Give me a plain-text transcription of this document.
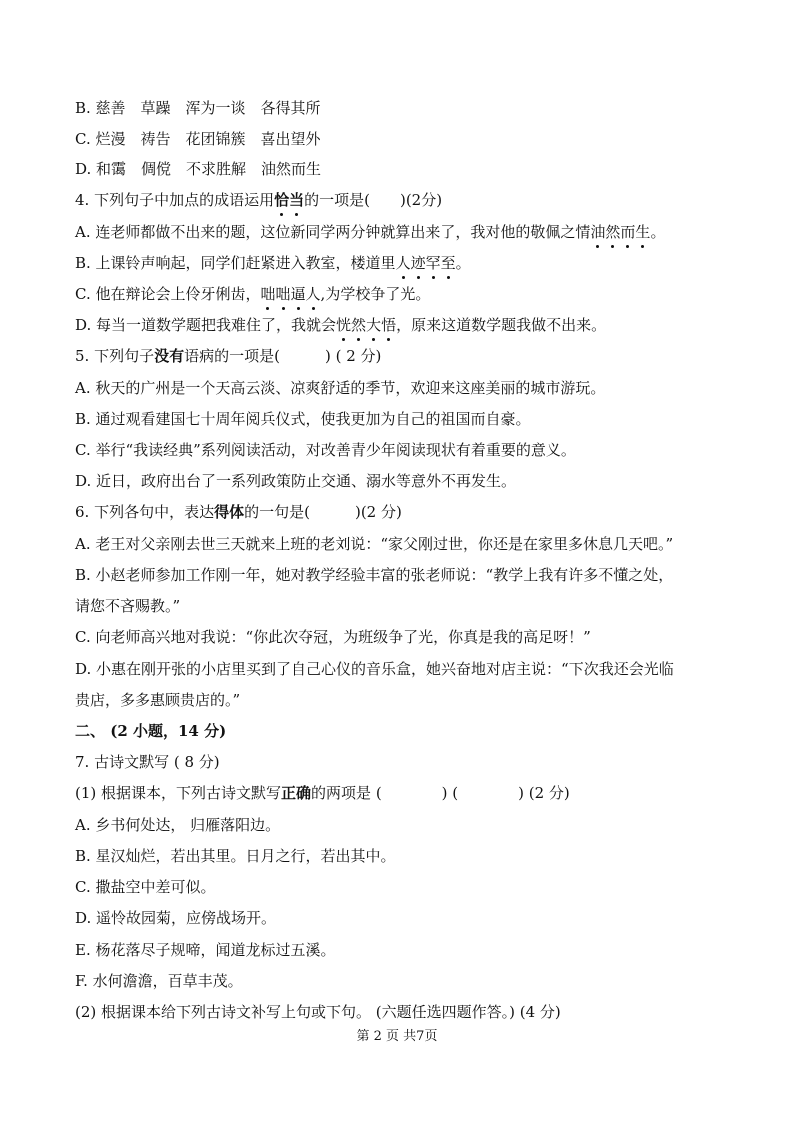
B. 慈善　草躁　浑为一谈　各得其所
C. 烂漫　祷告　花团锦簇　喜出望外
D. 和霭　倜傥　不求胜解　油然而生
4. 下列句子中加点的成语运用恰当的一项是(　　)(2分)
A. 连老师都做不出来的题，这位新同学两分钟就算出来了，我对他的敬佩之情油然而生。
B. 上课铃声响起，同学们赶紧进入教室，楼道里人迹罕至。
C. 他在辩论会上伶牙俐齿，咄咄逼人,为学校争了光。
D. 每当一道数学题把我难住了，我就会恍然大悟，原来这道数学题我做不出来。
5. 下列句子没有语病的一项是(　　　) ( 2 分)
A. 秋天的广州是一个天高云淡、凉爽舒适的季节，欢迎来这座美丽的城市游玩。
B. 通过观看建国七十周年阅兵仪式，使我更加为自己的祖国而自豪。
C. 举行“我读经典”系列阅读活动，对改善青少年阅读现状有着重要的意义。
D. 近日，政府出台了一系列政策防止交通、溺水等意外不再发生。
6. 下列各句中，表达得体的一句是(　　　)(2 分)
A. 老王对父亲刚去世三天就来上班的老刘说：“家父刚过世，你还是在家里多休息几天吧。”
B. 小赵老师参加工作刚一年，她对教学经验丰富的张老师说：“教学上我有许多不懂之处，
请您不吝赐教。”
C. 向老师高兴地对我说：“你此次夺冠，为班级争了光，你真是我的高足呀！”
D. 小惠在刚开张的小店里买到了自己心仪的音乐盒，她兴奋地对店主说：“下次我还会光临
贵店，多多惠顾贵店的。”
二、 (2 小题，14 分)
7. 古诗文默写 ( 8 分)
(1) 根据课本，下列古诗文默写正确的两项是 (　　　　) (　　　　) (2 分)
A. 乡书何处达， 归雁落阳边。
B. 星汉灿烂，若出其里。日月之行，若出其中。
C. 撒盐空中差可似。
D. 遥怜故园菊，应傍战场开。
E. 杨花落尽子规啼，闻道龙标过五溪。
F. 水何澹澹，百草丰茂。
(2) 根据课本给下列古诗文补写上句或下句。 (六题任选四题作答。) (4 分)
第 2 页 共7页
